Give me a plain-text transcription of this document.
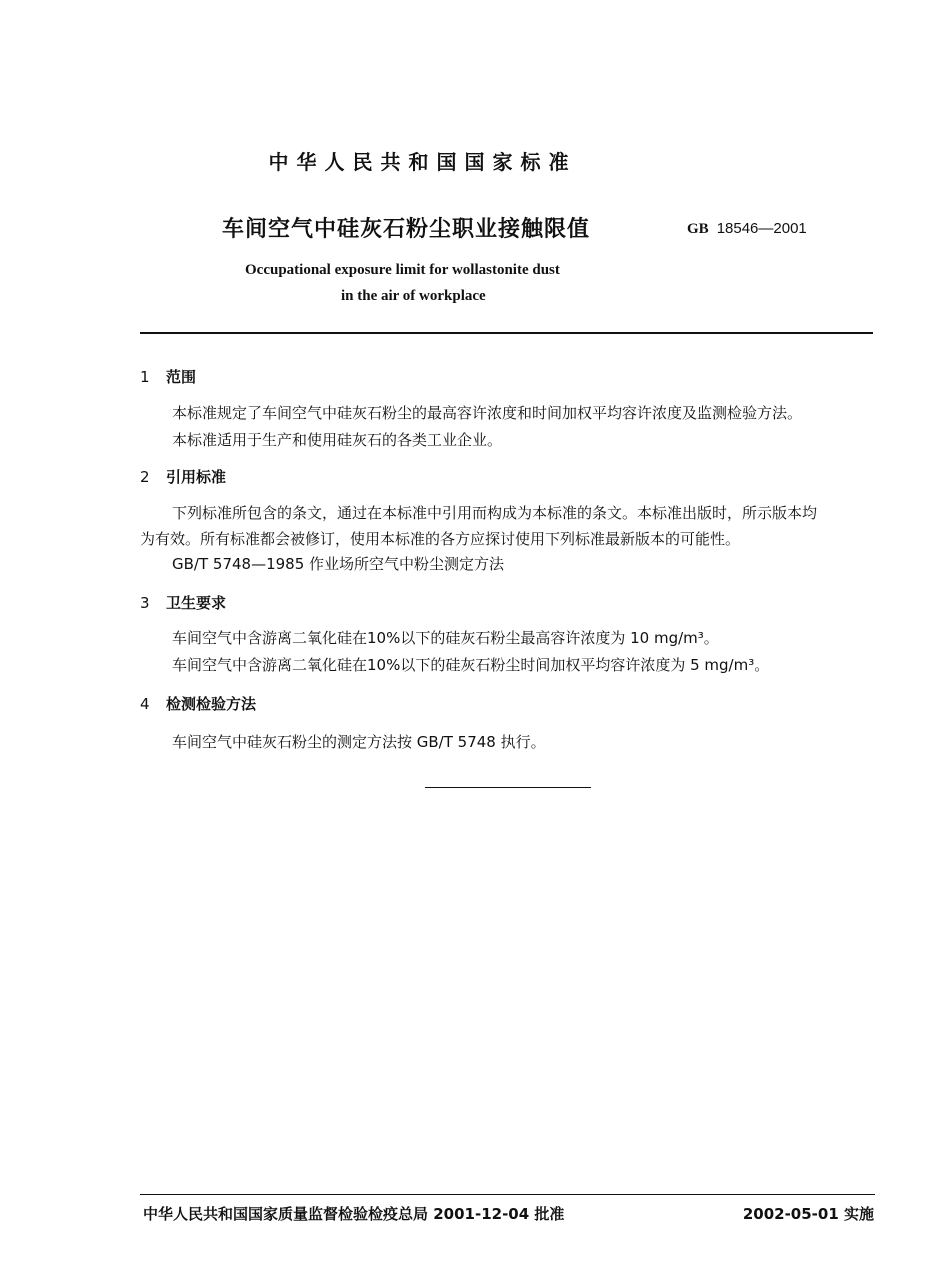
中华人民共和国国家标准
车间空气中硅灰石粉尘职业接触限值	GB 18546—2001
Occupational exposure limit for wollastonite dust
in the air of workplace
1 范围
本标准规定了车间空气中硅灰石粉尘的最高容许浓度和时间加权平均容许浓度及监测检验方法。
本标准适用于生产和使用硅灰石的各类工业企业。
2 引用标准
下列标准所包含的条文，通过在本标准中引用而构成为本标准的条文。本标准出版时，所示版本均
为有效。所有标准都会被修订，使用本标准的各方应探讨使用下列标准最新版本的可能性。
GB/T 5748—1985 作业场所空气中粉尘测定方法
3 卫生要求
车间空气中含游离二氧化硅在10%以下的硅灰石粉尘最高容许浓度为 10 mg/m³。
车间空气中含游离二氧化硅在10%以下的硅灰石粉尘时间加权平均容许浓度为 5 mg/m³。
4 检测检验方法
车间空气中硅灰石粉尘的测定方法按 GB/T 5748 执行。
中华人民共和国国家质量监督检验检疫总局 2001-12-04 批准	2002-05-01 实施
